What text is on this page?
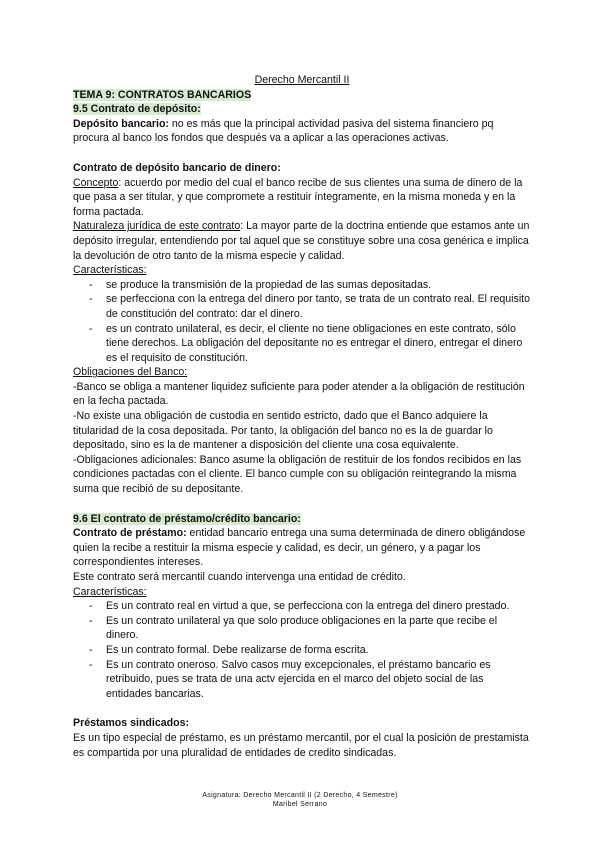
Derecho Mercantil II

TEMA 9: CONTRATOS BANCARIOS
9.5 Contrato de depósito:

Depósito bancario: no es más que la principal actividad pasiva del sistema financiero pq procura al banco los fondos que después va a aplicar a las operaciones activas.

Contrato de depósito bancario de dinero:

Concepto: acuerdo por medio del cual el banco recibe de sus clientes una suma de dinero de la que pasa a ser titular, y que compromete a restituir íntegramente, en la misma moneda y en la forma pactada.

Naturaleza jurídica de este contrato: La mayor parte de la doctrina entiende que estamos ante un depósito irregular, entendiendo por tal aquel que se constituye sobre una cosa genérica e implica la devolución de otro tanto de la misma especie y calidad.

Características:

- se produce la transmisión de la propiedad de las sumas depositadas.
- se perfecciona con la entrega del dinero por tanto, se trata de un contrato real. El requisito de constitución del contrato: dar el dinero.
- es un contrato unilateral, es decir, el cliente no tiene obligaciones en este contrato, sólo tiene derechos. La obligación del depositante no es entregar el dinero, entregar el dinero es el requisito de constitución.

Obligaciones del Banco:

-Banco se obliga a mantener liquidez suficiente para poder atender a la obligación de restitución en la fecha pactada.

-No existe una obligación de custodia en sentido estricto, dado que el Banco adquiere la titularidad de la cosa depositada. Por tanto, la obligación del banco no es la de guardar lo depositado, sino es la de mantener a disposición del cliente una cosa equivalente.

-Obligaciones adicionales: Banco asume la obligación de restituir de los fondos recibidos en las condiciones pactadas con el cliente. El banco cumple con su obligación reintegrando la misma suma que recibió de su depositante.

9.6 El contrato de préstamo/crédito bancario:

Contrato de préstamo: entidad bancario entrega una suma determinada de dinero obligándose quien la recibe a restituir la misma especie y calidad, es decir, un género, y a pagar los correspondientes intereses.

Este contrato será mercantil cuando intervenga una entidad de crédito.

Características:

- Es un contrato real en virtud a que, se perfecciona con la entrega del dinero prestado.
- Es un contrato unilateral ya que solo produce obligaciones en la parte que recibe el dinero.
- Es un contrato formal. Debe realizarse de forma escrita.
- Es un contrato oneroso. Salvo casos muy excepcionales, el préstamo bancario es retribuido, pues se trata de una actv ejercida en el marco del objeto social de las entidades bancarias.

Préstamos sindicados:

Es un tipo especial de préstamo, es un préstamo mercantil, por el cual la posición de prestamista es compartida por una pluralidad de entidades de credito sindicadas.

Asignatura: Derecho Mercantil II (2 Derecho, 4 Semestre)
Maribel Serrano
